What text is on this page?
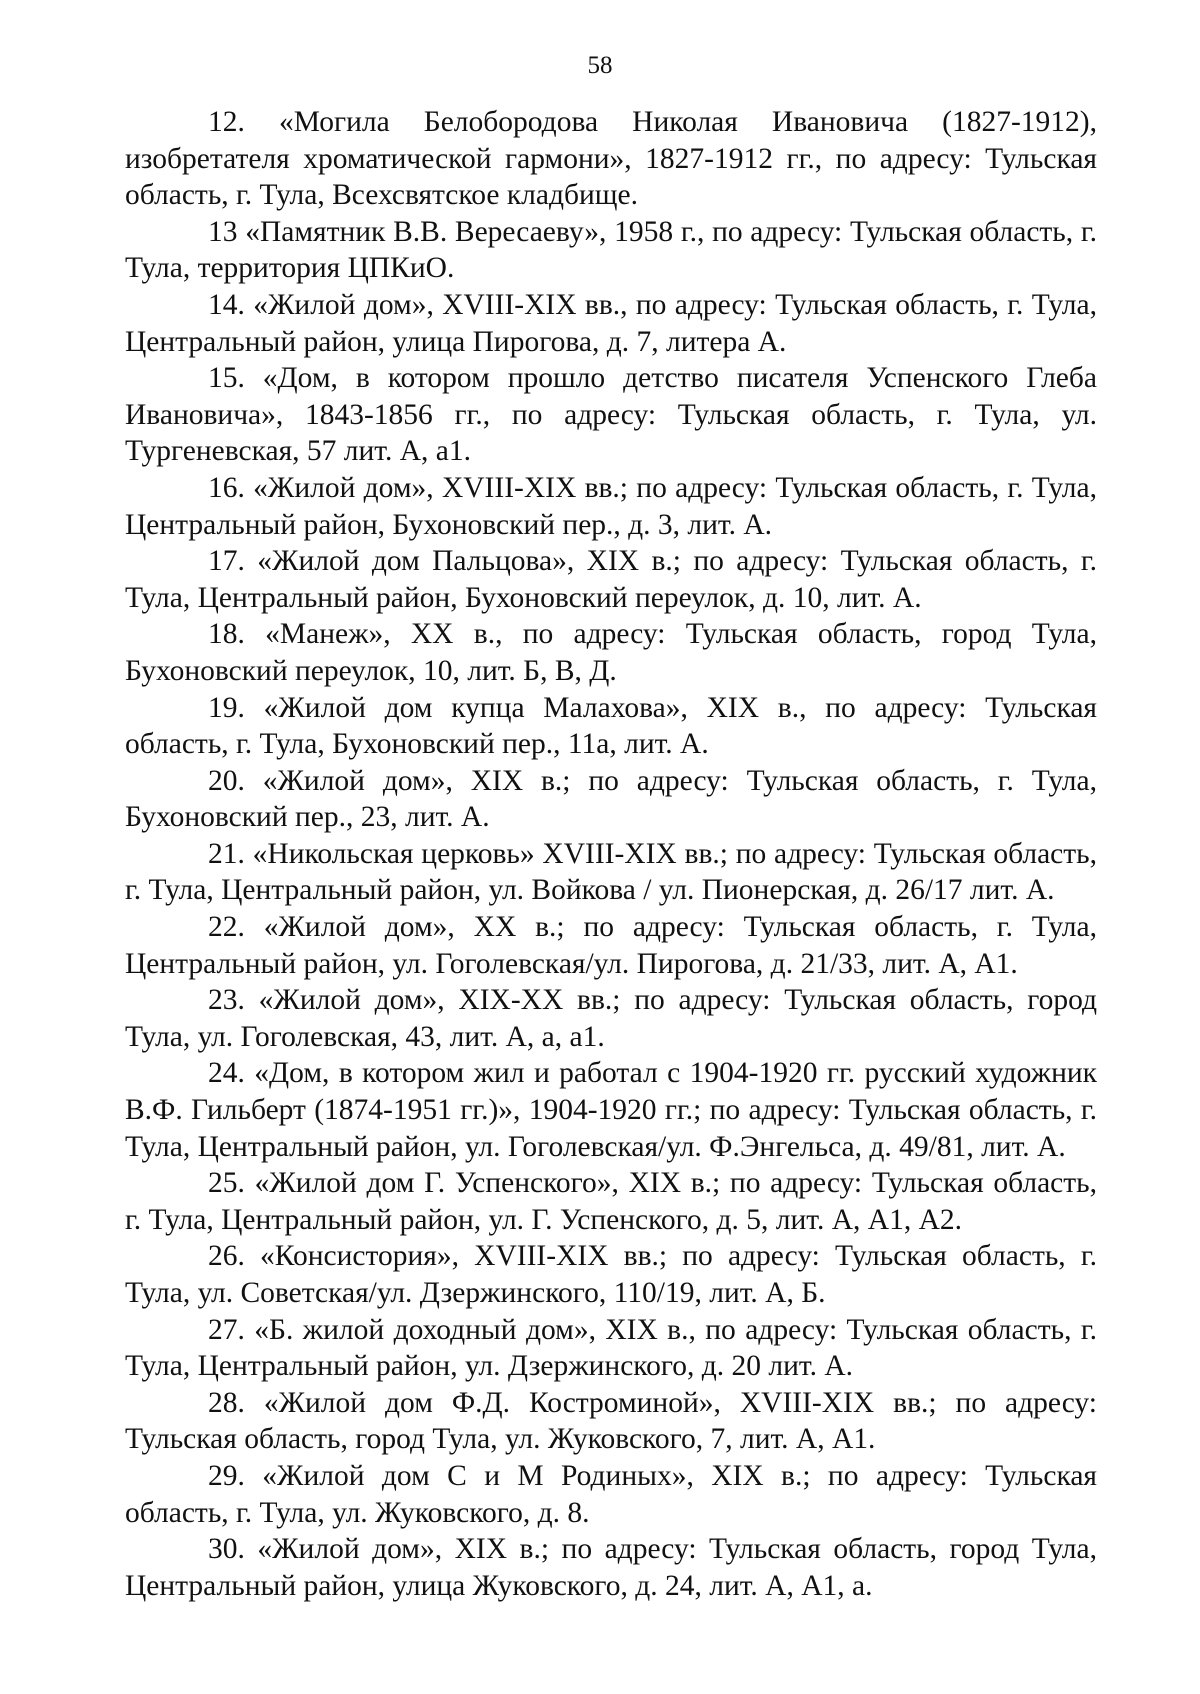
58

12. «Могила Белобородова Николая Ивановича (1827-1912), изобретателя хроматической гармони», 1827-1912 гг., по адресу: Тульская область, г. Тула, Всехсвятское кладбище.

13 «Памятник В.В. Вересаеву», 1958 г., по адресу: Тульская область, г. Тула, территория ЦПКиО.

14. «Жилой дом», XVIII-XIX вв., по адресу: Тульская область, г. Тула, Центральный район, улица Пирогова, д. 7, литера А.

15. «Дом, в котором прошло детство писателя Успенского Глеба Ивановича», 1843-1856 гг., по адресу: Тульская область, г. Тула, ул. Тургеневская, 57 лит. А, а1.

16. «Жилой дом», XVIII-XIX вв.; по адресу: Тульская область, г. Тула, Центральный район, Бухоновский пер., д. 3, лит. А.

17. «Жилой дом Пальцова», XIX в.; по адресу: Тульская область, г. Тула, Центральный район, Бухоновский переулок, д. 10, лит. А.

18. «Манеж», XX в., по адресу: Тульская область, город Тула, Бухоновский переулок, 10, лит. Б, В, Д.

19. «Жилой дом купца Малахова», XIX в., по адресу: Тульская область, г. Тула, Бухоновский пер., 11а, лит. А.

20. «Жилой дом», XIX в.; по адресу: Тульская область, г. Тула, Бухоновский пер., 23, лит. А.

21. «Никольская церковь» XVIII-XIX вв.; по адресу: Тульская область, г. Тула, Центральный район, ул. Войкова / ул. Пионерская, д. 26/17 лит. А.

22. «Жилой дом», XX в.; по адресу: Тульская область, г. Тула, Центральный район, ул. Гоголевская/ул. Пирогова, д. 21/33, лит. А, А1.

23. «Жилой дом», XIX-XX вв.; по адресу: Тульская область, город Тула, ул. Гоголевская, 43, лит. А, а, а1.

24. «Дом, в котором жил и работал с 1904-1920 гг. русский художник В.Ф. Гильберт (1874-1951 гг.)», 1904-1920 гг.; по адресу: Тульская область, г. Тула, Центральный район, ул. Гоголевская/ул. Ф.Энгельса, д. 49/81, лит. А.

25. «Жилой дом Г. Успенского», XIX в.; по адресу: Тульская область, г. Тула, Центральный район, ул. Г. Успенского, д. 5, лит. А, А1, А2.

26. «Консистория», XVIII-XIX вв.; по адресу: Тульская область, г. Тула, ул. Советская/ул. Дзержинского, 110/19, лит. А, Б.

27. «Б. жилой доходный дом», XIX в., по адресу: Тульская область, г. Тула, Центральный район, ул. Дзержинского, д. 20 лит. А.

28. «Жилой дом Ф.Д. Костроминой», XVIII-XIX вв.; по адресу: Тульская область, город Тула, ул. Жуковского, 7, лит. А, А1.

29. «Жилой дом С и М Родиных», XIX в.; по адресу: Тульская область, г. Тула, ул. Жуковского, д. 8.

30. «Жилой дом», XIX в.; по адресу: Тульская область, город Тула, Центральный район, улица Жуковского, д. 24, лит. А, А1, а.
